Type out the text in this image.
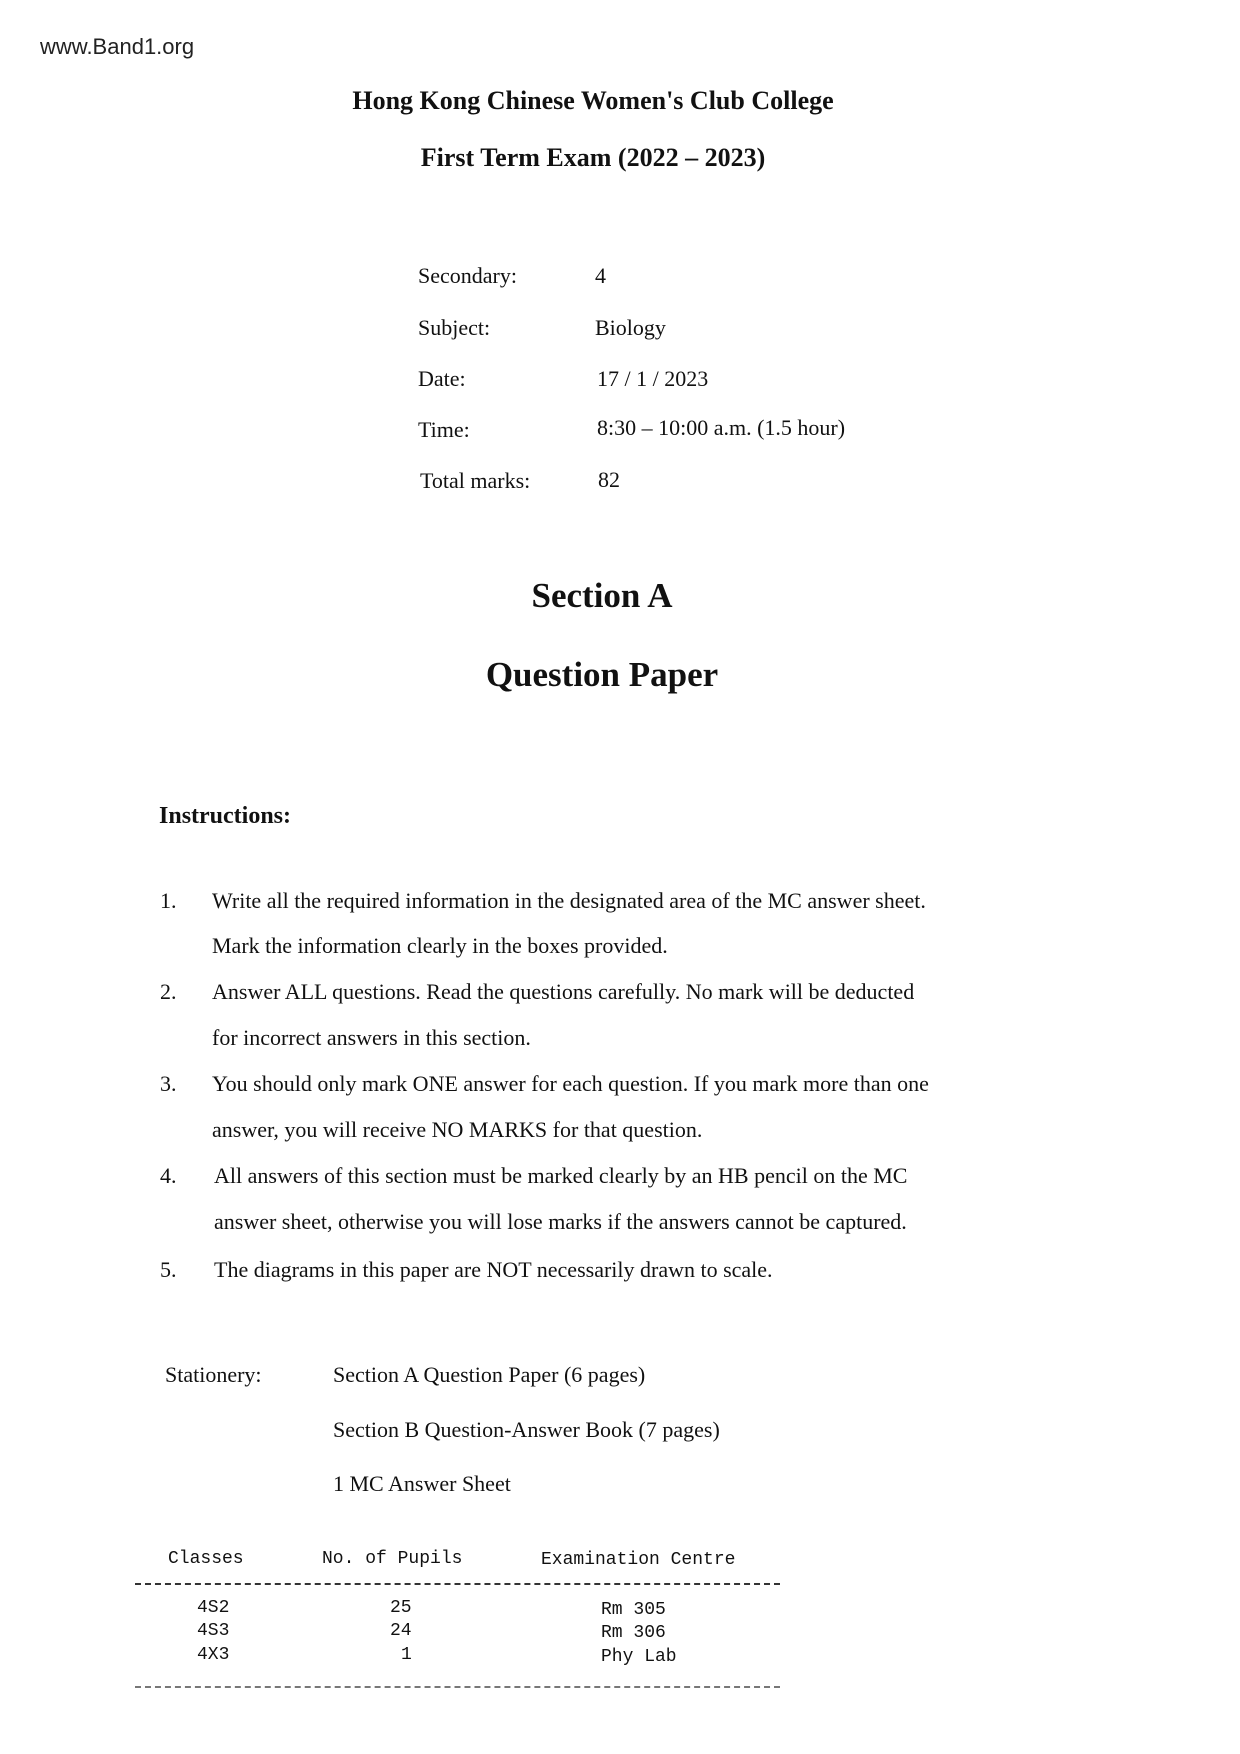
www.Band1.org
Hong Kong Chinese Women's Club College
First Term Exam (2022 – 2023)
Secondary:	4
Subject:	Biology
Date:	17 / 1 / 2023
Time:	8:30 – 10:00 a.m. (1.5 hour)
Total marks:	82
Section A
Question Paper
Instructions:
1. Write all the required information in the designated area of the MC answer sheet.
Mark the information clearly in the boxes provided.
2. Answer ALL questions. Read the questions carefully. No mark will be deducted
for incorrect answers in this section.
3. You should only mark ONE answer for each question. If you mark more than one
answer, you will receive NO MARKS for that question.
4. All answers of this section must be marked clearly by an HB pencil on the MC
answer sheet, otherwise you will lose marks if the answers cannot be captured.
5. The diagrams in this paper are NOT necessarily drawn to scale.
Stationery:	Section A Question Paper (6 pages)
Section B Question-Answer Book (7 pages)
1 MC Answer Sheet
Classes	No. of Pupils	Examination Centre
4S2	25	Rm 305
4S3	24	Rm 306
4X3	1	Phy Lab
